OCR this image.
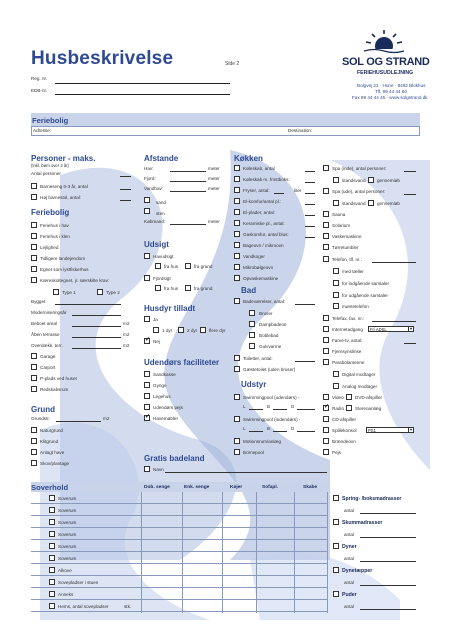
Husbeskrivelse	Side 2
Reg. nr.
EDB-nr.
SOL OG STRAND
FERIEHUSUDLEJNING
Bolgvej 21 · Hune · 9492 Blokhus
Tlf. 99 44 44 60
Fax 99 44 44 45 · www.solgstrand.dk
Feriebolig
Adresse:	Destination:
Personer - maks.
(Inkl. børn over 3 år)
Antal personer
Barneseng 0-3 år, antal
Høj barnestol, antal:
Feriebolig
Feriehus i hav
Feriehus i klen
Lejlighed
Tidligere landejendom
Egnet som lystfiskerhus
Kæreskoltegnet, jr. særskilte krav:
Type 1	Type 2
Bygget
Moderniseringsår
Beboet areal	m2
Åben terrasse	m2
Overdækk. terr.	m2
Garage
Carport
P-plads ved huset
Redskabsrum
Grund
Grundstr.	m2
Naturgrund
Klitgrund
Anlagt have
Skov/plantage
Afstande
Hav:	meter
Fjord:	meter
Vandhav:	meter
sand
sten
Købmand:	meter
Udsigt
Havudsigt
fra hus	fra grund
Fjordsigt
fra hus	fra grund
Husdyr tilladt
Ja
1 dyr	2 dyr	flere dyr
✓
Nej
Udendørs faciliteter
Sandkasse
Gynge
Legehus
Udendørs pejs
✓
Havemøbler
Gratis badeland
Navn
Køkken
Køleskab, antal
Køleskab m. frostboks:
Fryser, antal:	liter
El-komfur/antal pl.:
El-plader, antal:
Keramiske pl., antal:
Gaskomfur, antal blus:
Bageovn / mikroovn
Vandkoger
Mikrobølgeovn
Opvaskemaskine
Bad
Badeværelser, antal:
Bruser
Dampbadene
Boblebad
Gulvvarme
Toiletter, antal:
Gæstetoilet (uden bruser)
Udstyr
Swimmingpool (udendørs) -
L	B	D
Swimmingpool (indendørs) -
L	B	D
Motionsrum/anlæg
Bornepool
Spa (inde), antal personer:
standsvand	gennemløb
Spa (ude), antal personer:
standsvand	gennemløb
Sauna
Solarium
Vaskemaskine
Tørretumbler
Telefon, tlf. nr.:
med tæller
for indgående samtaler
for udgående samtaler
møntetelefon
Telefax, fax. nr.:
Internetadgang	Fri ADSL	▼
Farve-tv, antal:
Fjernsynslinse
Parabolantenne
Digital modtager
Analog modtager
Video DVD-afspiller
✓
Radio Stereoanlæg
CD-afspiller
Spillekonsol	PS1	▼
Brændeovn
Pejs
Soverhold	Dob. senge	Enk. senge	Køjer	Sofapl.	Skabe
Soverum
Soverum
Soverum
Soverum
Soverum
Soverum
Alkove
Sovepladser i stuen
Anneks
Hems, antal sovepladser	stk.
Spring- /boksmadrasser
antal
Skummadrasser
antal
Dyner
antal
Dynetæpper
antal
Puder
antal
